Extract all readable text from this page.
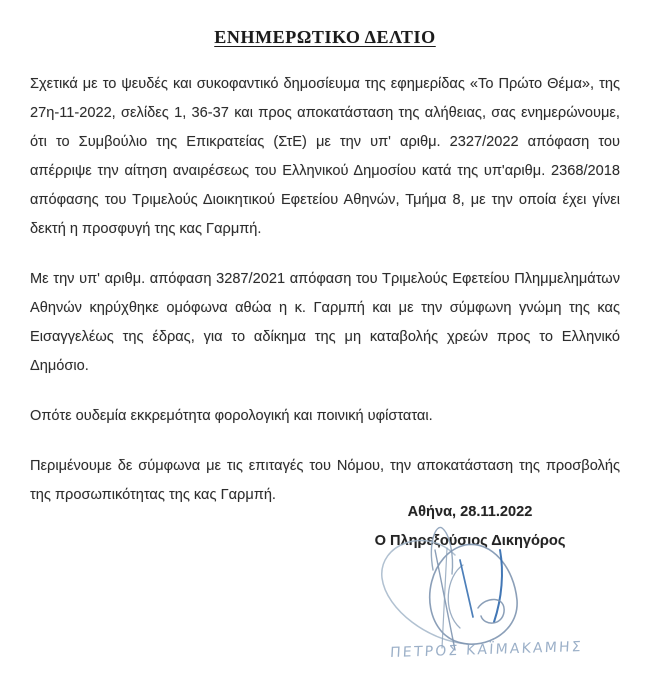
ΕΝΗΜΕΡΩΤΙΚΟ ΔΕΛΤΙΟ

Σχετικά με το ψευδές και συκοφαντικό δημοσίευμα της εφημερίδας «Το Πρώτο Θέμα», της 27η-11-2022, σελίδες 1, 36-37 και προς αποκατάσταση της αλήθειας, σας ενημερώνουμε, ότι το Συμβούλιο της Επικρατείας (ΣτΕ) με την υπ' αριθμ. 2327/2022 απόφαση του απέρριψε την αίτηση αναιρέσεως του Ελληνικού Δημοσίου κατά της υπ'αριθμ. 2368/2018 απόφασης του Τριμελούς Διοικητικού Εφετείου Αθηνών, Τμήμα 8, με την οποία έχει γίνει δεκτή η προσφυγή της κας Γαρμπή.

Με την υπ' αριθμ. απόφαση 3287/2021 απόφαση του Τριμελούς Εφετείου Πλημμελημάτων Αθηνών κηρύχθηκε ομόφωνα αθώα η κ. Γαρμπή και με την σύμφωνη γνώμη της κας Εισαγγελέως της έδρας, για το αδίκημα της μη καταβολής χρεών προς το Ελληνικό Δημόσιο.

Οπότε ουδεμία εκκρεμότητα φορολογική και ποινική υφίσταται.

Περιμένουμε δε σύμφωνα με τις επιταγές του Νόμου, την αποκατάσταση της προσβολής της προσωπικότητας της κας Γαρμπή.

Αθήνα, 28.11.2022
Ο Πληρεξούσιος Δικηγόρος
ΠΕΤΡΟΣ ΚΑΪΜΑΚΑΜΗΣ
